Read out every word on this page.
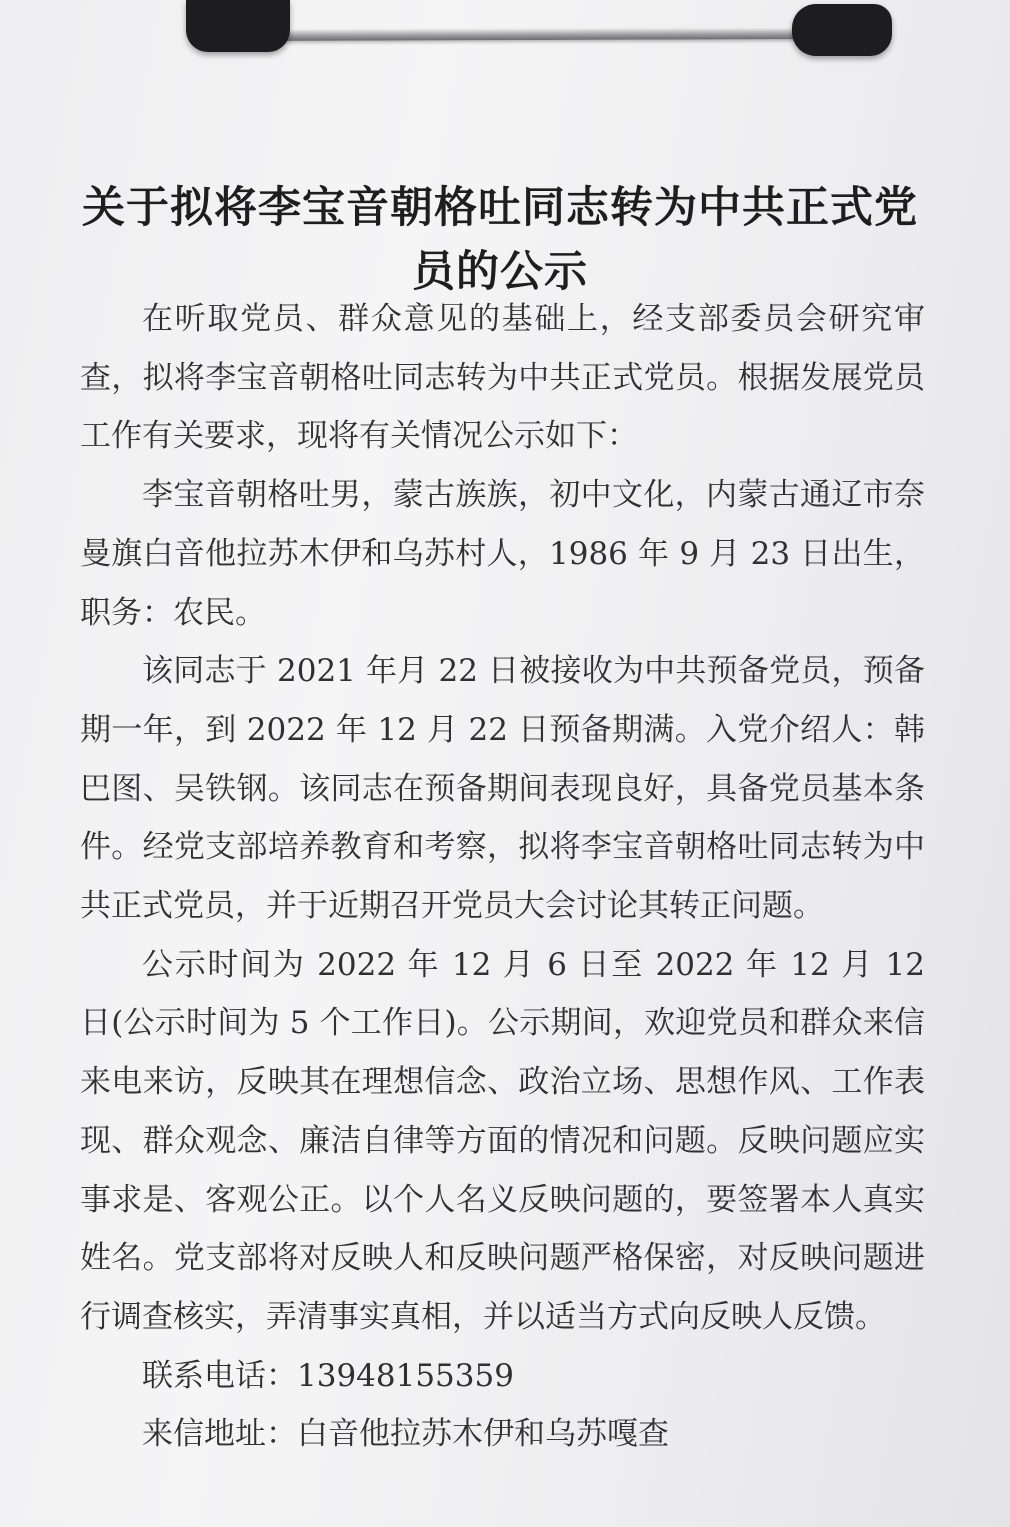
关于拟将李宝音朝格吐同志转为中共正式党
员的公示

在听取党员、群众意见的基础上，经支部委员会研究审查，拟将李宝音朝格吐同志转为中共正式党员。根据发展党员工作有关要求，现将有关情况公示如下：

李宝音朝格吐男，蒙古族族，初中文化，内蒙古通辽市奈曼旗白音他拉苏木伊和乌苏村人，1986 年 9 月 23 日出生，职务：农民。

该同志于 2021 年月 22 日被接收为中共预备党员，预备期一年，到 2022 年 12 月 22 日预备期满。入党介绍人：韩巴图、吴铁钢。该同志在预备期间表现良好，具备党员基本条件。经党支部培养教育和考察，拟将李宝音朝格吐同志转为中共正式党员，并于近期召开党员大会讨论其转正问题。

公示时间为 2022 年 12 月 6 日至 2022 年 12 月 12 日(公示时间为 5 个工作日)。公示期间，欢迎党员和群众来信来电来访，反映其在理想信念、政治立场、思想作风、工作表现、群众观念、廉洁自律等方面的情况和问题。反映问题应实事求是、客观公正。以个人名义反映问题的，要签署本人真实姓名。党支部将对反映人和反映问题严格保密，对反映问题进行调查核实，弄清事实真相，并以适当方式向反映人反馈。

联系电话：13948155359

来信地址：白音他拉苏木伊和乌苏嘎查
